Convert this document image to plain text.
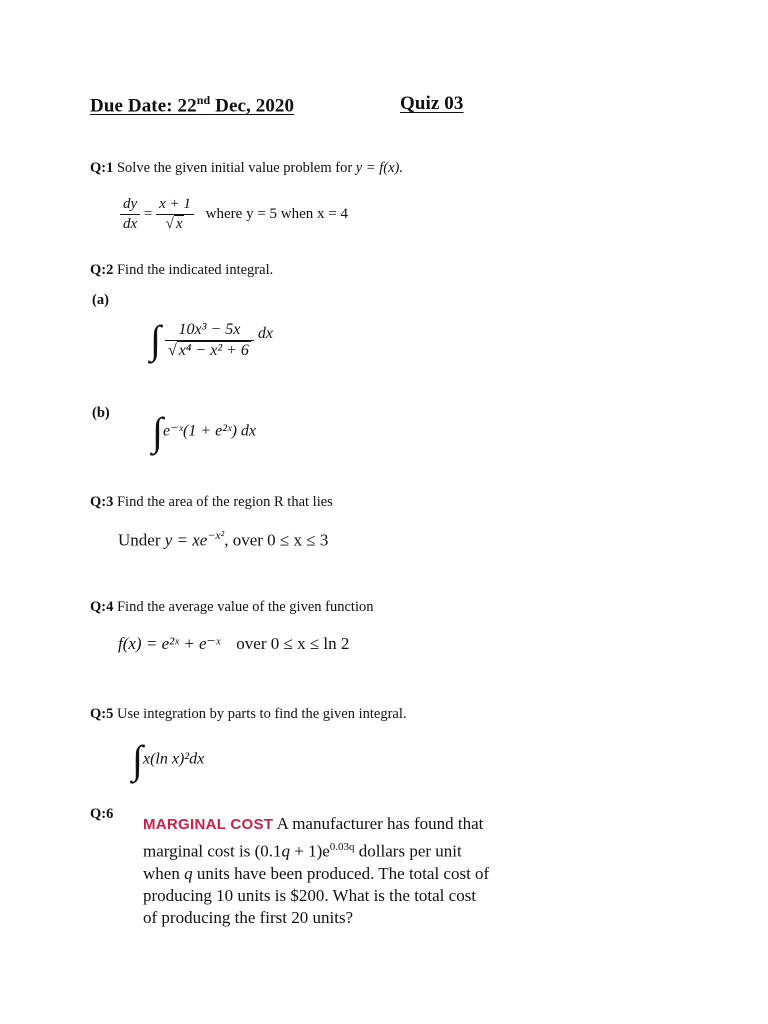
Due Date: 22nd Dec, 2020	Quiz 03
Q:1 Solve the given initial value problem for y = f(x).
$\frac{dy}{dx} = \frac{x + 1}{√ x}$ where y = 5 when x = 4
Q:2 Find the indicated integral.
(a)
∫ $\frac{\text{10x³ − 5x}}{\text{√ x⁴ − x² + 6}}$ dx
(b) ∫e⁻ˣ(1 + e²ˣ) dx
Q:3 Find the area of the region R that lies
Under $y = xe^{-x^2}$, over 0 ≤ x ≤ 3
Q:4 Find the average value of the given function
f(x) = e²ˣ + e⁻ˣ over 0 ≤ x ≤ ln 2
Q:5 Use integration by parts to find the given integral.
∫x(ln x)²dx
Q:6
MARGINAL COST A manufacturer has found that marginal cost is $(0.1q + 1)e^{0.03q}$ dollars per unit when q units have been produced. The total cost of producing 10 units is $200. What is the total cost of producing the first 20 units?
